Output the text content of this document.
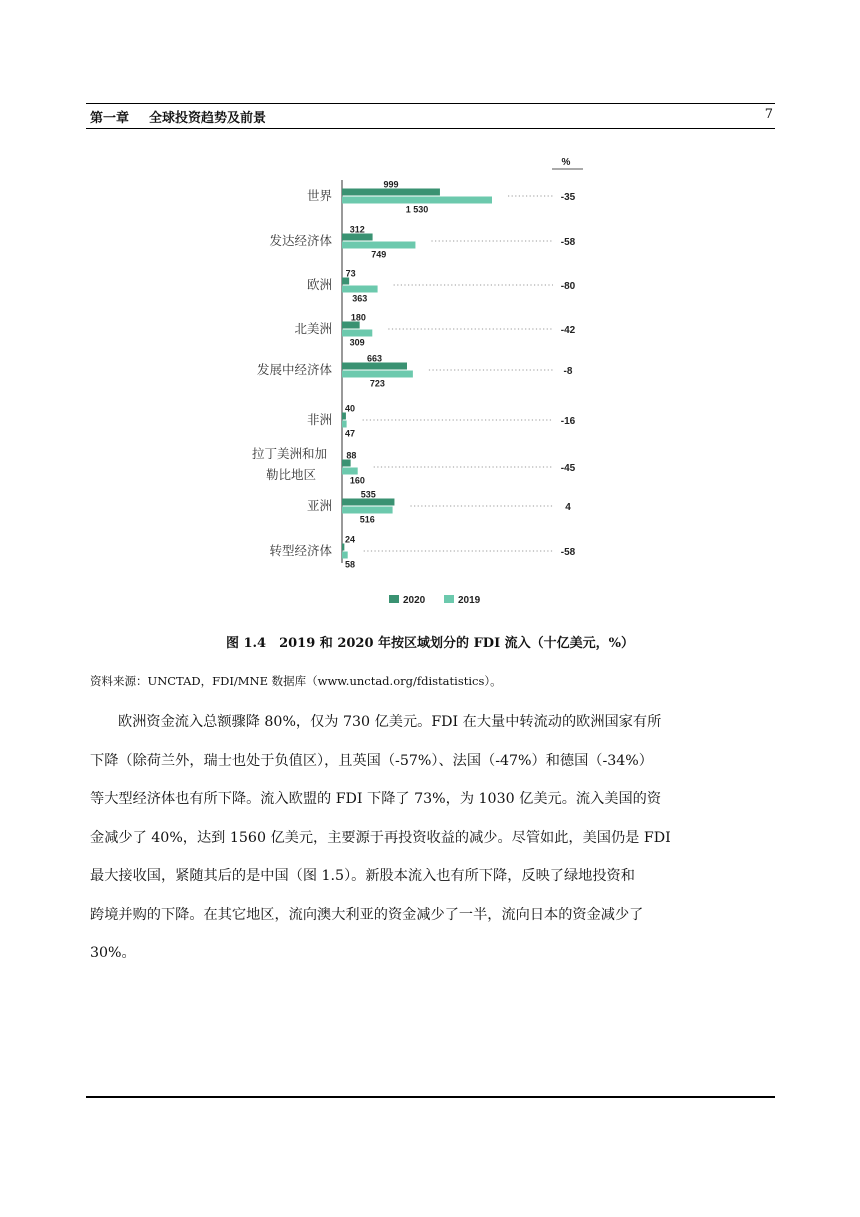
第一章 全球投资趋势及前景	7
%
世界
999
1 530
-35
发达经济体
312
749
-58
欧洲
73
363
-80
北美洲
180
309
-42
发展中经济体
663
723
-8
非洲
40
47
-16
拉丁美洲和加勒比地区
88
160
-45
亚洲
535
516
4
转型经济体
24
58
-58
2020	2019
图 1.4　2019 和 2020 年按区域划分的 FDI 流入（十亿美元，%）
资料来源：UNCTAD，FDI/MNE 数据库（www.unctad.org/fdistatistics）。
欧洲资金流入总额骤降 80%，仅为 730 亿美元。FDI 在大量中转流动的欧洲国家有所
下降（除荷兰外，瑞士也处于负值区），且英国（-57%）、法国（-47%）和德国（-34%）
等大型经济体也有所下降。流入欧盟的 FDI 下降了 73%，为 1030 亿美元。流入美国的资
金减少了 40%，达到 1560 亿美元，主要源于再投资收益的减少。尽管如此，美国仍是 FDI
最大接收国，紧随其后的是中国（图 1.5）。新股本流入也有所下降，反映了绿地投资和
跨境并购的下降。在其它地区，流向澳大利亚的资金减少了一半，流向日本的资金减少了
30%。
